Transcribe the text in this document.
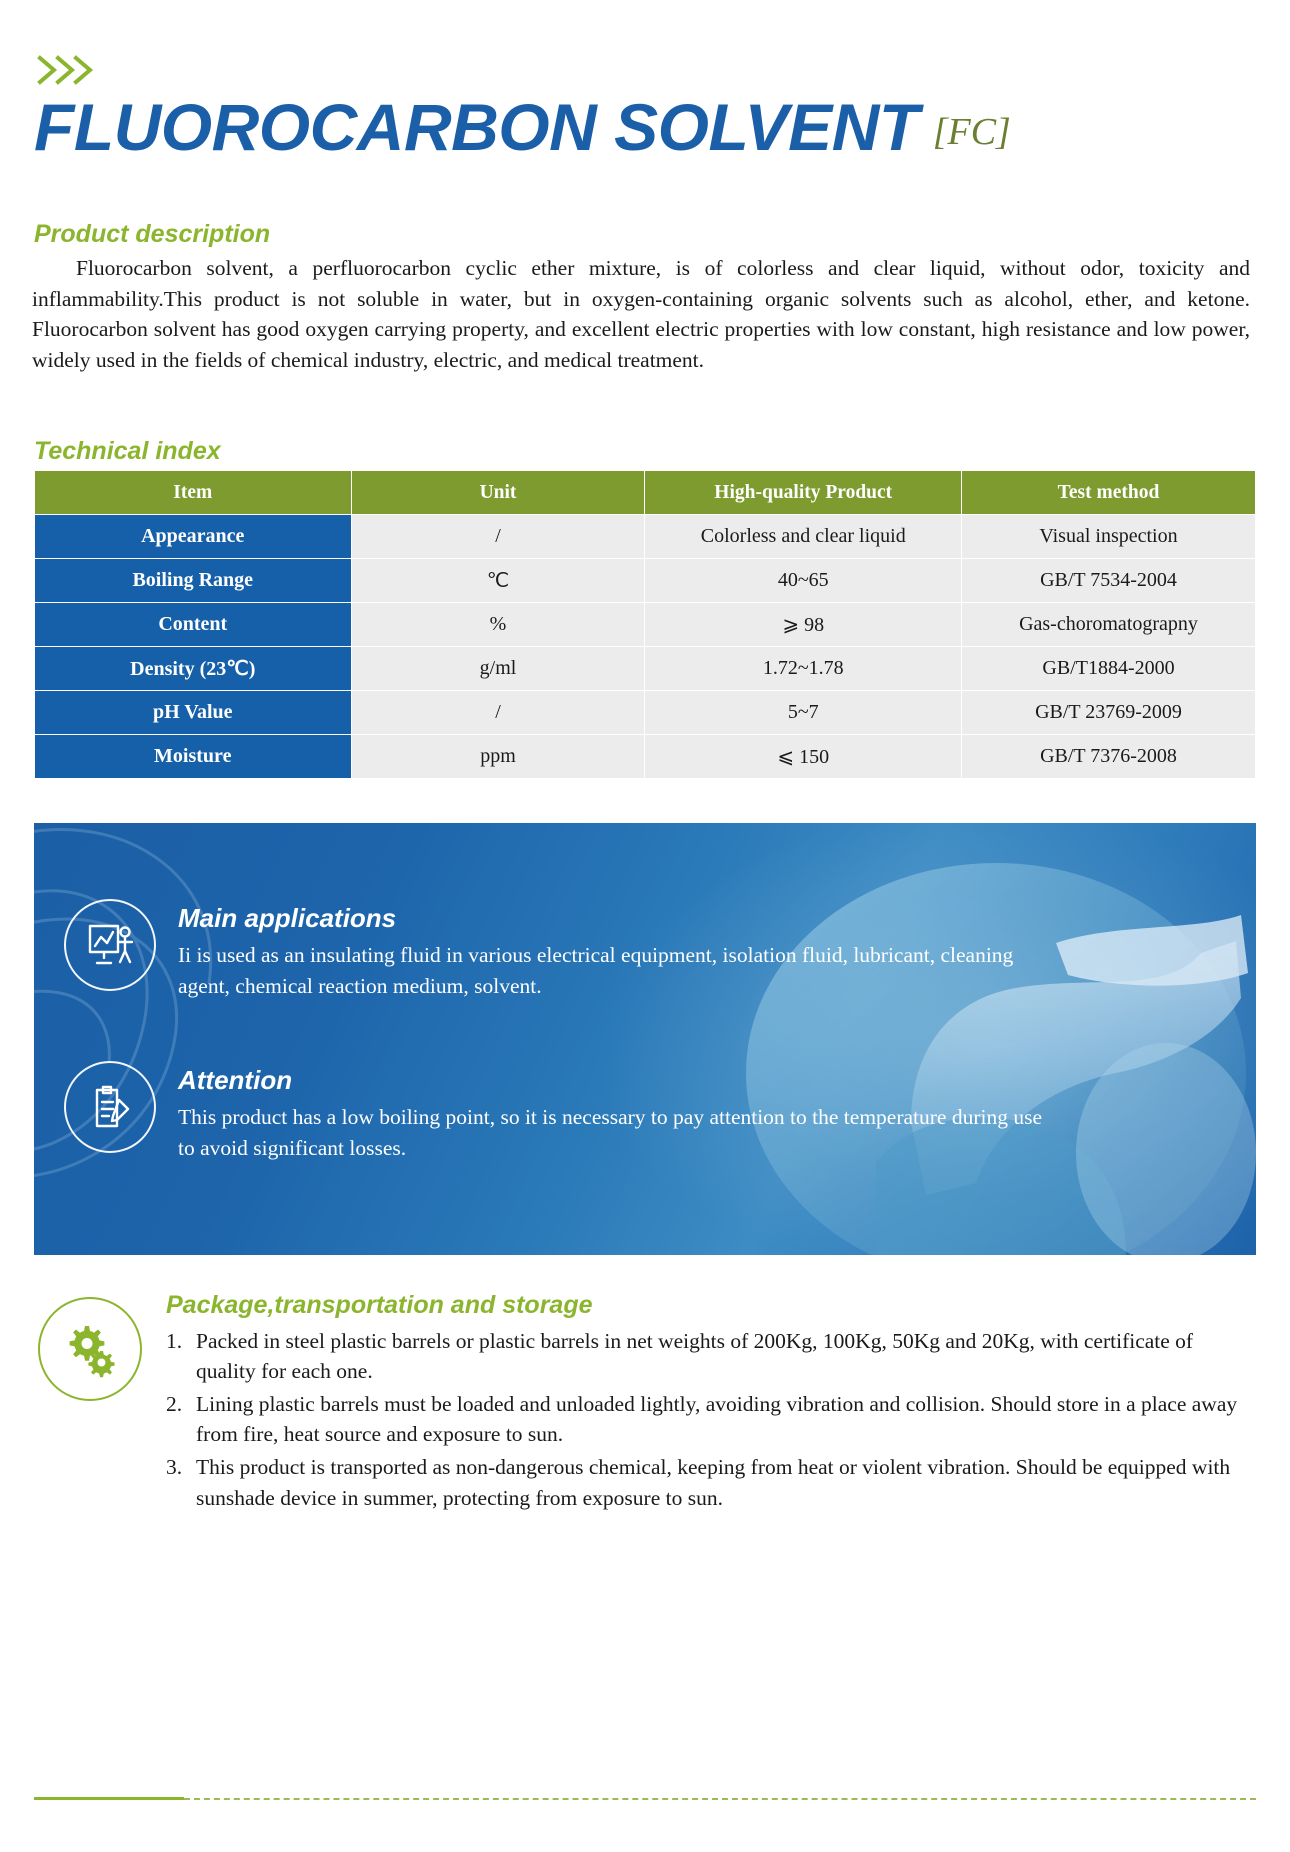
FLUOROCARBON SOLVENT [FC]
Product description

Fluorocarbon solvent, a perfluorocarbon cyclic ether mixture, is of colorless and clear liquid, without odor, toxicity and inflammability.This product is not soluble in water, but in oxygen-containing organic solvents such as alcohol, ether, and ketone. Fluorocarbon solvent has good oxygen carrying property, and excellent electric properties with low constant, high resistance and low power, widely used in the fields of chemical industry, electric, and medical treatment.

Technical index
Item	Unit	High-quality Product	Test method
Appearance	/	Colorless and clear liquid	Visual inspection
Boiling Range	℃	40~65	GB/T 7534-2004
Content	%	⩾ 98	Gas-choromatograpny
Density (23℃)	g/ml	1.72~1.78	GB/T1884-2000
pH Value	/	5~7	GB/T 23769-2009
Moisture	ppm	⩽ 150	GB/T 7376-2008
Main applications

Ii is used as an insulating fluid in various electrical equipment, isolation fluid, lubricant, cleaning agent, chemical reaction medium, solvent.

Attention

This product has a low boiling point, so it is necessary to pay attention to the temperature during use to avoid significant losses.

Package,transportation and storage
1. Packed in steel plastic barrels or plastic barrels in net weights of 200Kg, 100Kg, 50Kg and 20Kg, with certificate of quality for each one.
2. Lining plastic barrels must be loaded and unloaded lightly, avoiding vibration and collision. Should store in a place away from fire, heat source and exposure to sun.
3. This product is transported as non-dangerous chemical, keeping from heat or violent vibration. Should be equipped with sunshade device in summer, protecting from exposure to sun.
